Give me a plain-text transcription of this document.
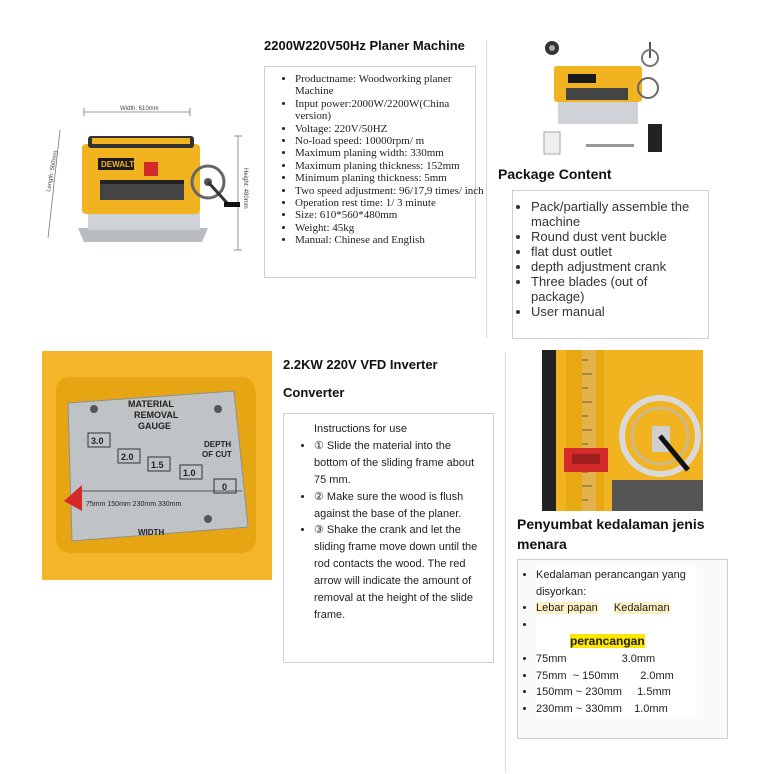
Width: 610mm
Length: 560mm	Height: 480mm
DEWALT
2200W220V50Hz Planer Machine
• Productname: Woodworking planer Machine
• Input power:2000W/2200W(China version)
• Voltage: 220V/50HZ
• No-load speed: 10000rpm/ m
• Maximum planing width: 330mm
• Maximum planing thickness: 152mm
• Minimum planing thickness: 5mm
• Two speed adjustment: 96/17,9 times/ inch
• Operation rest time: 1/ 3 minute
• Size: 610*560*480mm
• Weight: 45kg
• Manual: Chinese and English
Package Content
• Pack/partially assemble the machine
• Round dust vent buckle
• flat dust outlet
• depth adjustment crank
• Three blades (out of package)
• User manual
MATERIAL
REMOVAL
GAUGE
DEPTH
OF CUT
3.0
2.0
1.5
1.0
0
75mm 150mm 230mm 330mm
WIDTH
2.2KW 220V VFD Inverter
Converter
Instructions for use
• ① Slide the material into the bottom of the sliding frame about 75 mm.
• ② Make sure the wood is flush against the base of the planer.
• ③ Shake the crank and let the sliding frame move down until the rod contacts the wood. The red arrow will indicate the amount of removal at the height of the slide frame.
Penyumbat kedalaman jenis menara
• Kedalaman perancangan yang disyorkan:
• Lebar papan Kedalaman
•
perancangan
• 75mm                  3.0mm
• 75mm  ~ 150mm       2.0mm
• 150mm ~ 230mm     1.5mm
• 230mm ~ 330mm    1.0mm
